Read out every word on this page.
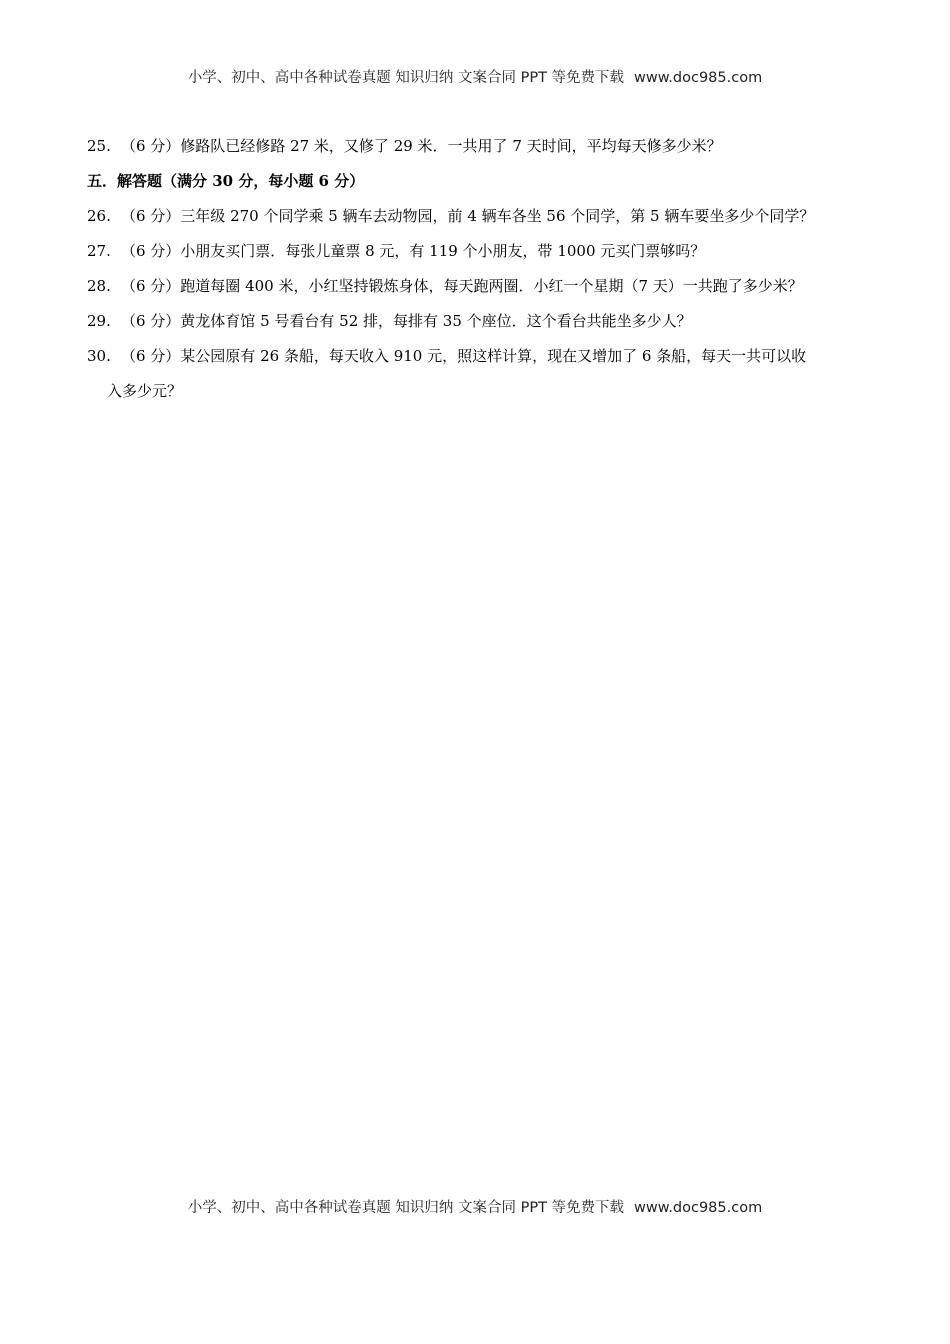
小学、初中、高中各种试卷真题 知识归纳 文案合同 PPT 等免费下载 www.doc985.com

25. （6 分）修路队已经修路 27 米，又修了 29 米．一共用了 7 天时间，平均每天修多少米？

五．解答题（满分 30 分，每小题 6 分）

26. （6 分）三年级 270 个同学乘 5 辆车去动物园，前 4 辆车各坐 56 个同学，第 5 辆车要坐多少个同学？

27. （6 分）小朋友买门票．每张儿童票 8 元，有 119 个小朋友，带 1000 元买门票够吗？

28. （6 分）跑道每圈 400 米，小红坚持锻炼身体，每天跑两圈．小红一个星期（7 天）一共跑了多少米？

29. （6 分）黄龙体育馆 5 号看台有 52 排，每排有 35 个座位．这个看台共能坐多少人？

30. （6 分）某公园原有 26 条船，每天收入 910 元，照这样计算，现在又增加了 6 条船，每天一共可以收

入多少元？

小学、初中、高中各种试卷真题 知识归纳 文案合同 PPT 等免费下载 www.doc985.com
